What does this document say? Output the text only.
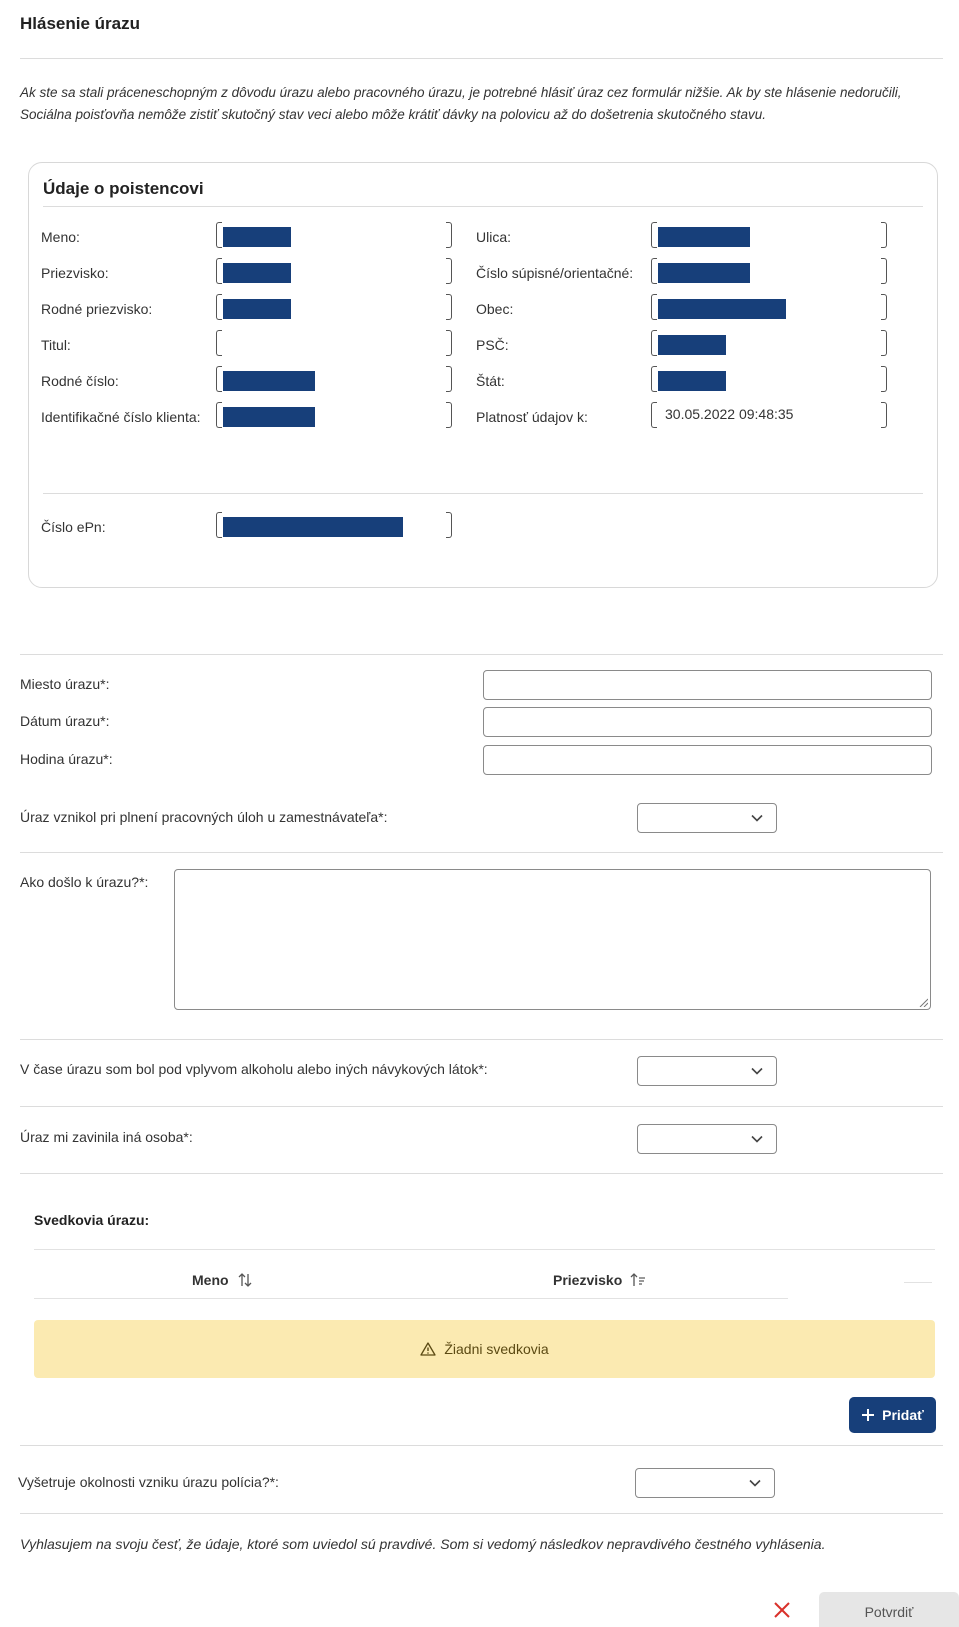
Hlásenie úrazu
Ak ste sa stali práceneschopným z dôvodu úrazu alebo pracovného úrazu, je potrebné hlásiť úraz cez formulár nižšie. Ak by ste hlásenie nedoručili, Sociálna poisťovňa nemôže zistiť skutočný stav veci alebo môže krátiť dávky na polovicu až do došetrenia skutočného stavu.
Údaje o poistencovi
Meno:
Priezvisko:
Rodné priezvisko:
Titul:
Rodné číslo:
Identifikačné číslo klienta:
Ulica:
Číslo súpisné/orientačné:
Obec:
PSČ:
Štát:
Platnosť údajov k:	30.05.2022 09:48:35
Číslo ePn:
Miesto úrazu*:
Dátum úrazu*:
Hodina úrazu*:
Úraz vznikol pri plnení pracovných úloh u zamestnávateľa*:
Ako došlo k úrazu?*:
V čase úrazu som bol pod vplyvom alkoholu alebo iných návykových látok*:
Úraz mi zavinila iná osoba*:
Svedkovia úrazu:
Meno	Priezvisko
Žiadni svedkovia
Pridať
Vyšetruje okolnosti vzniku úrazu polícia?*:
Vyhlasujem na svoju česť, že údaje, ktoré som uviedol sú pravdivé. Som si vedomý následkov nepravdivého čestného vyhlásenia.
Potvrdiť
